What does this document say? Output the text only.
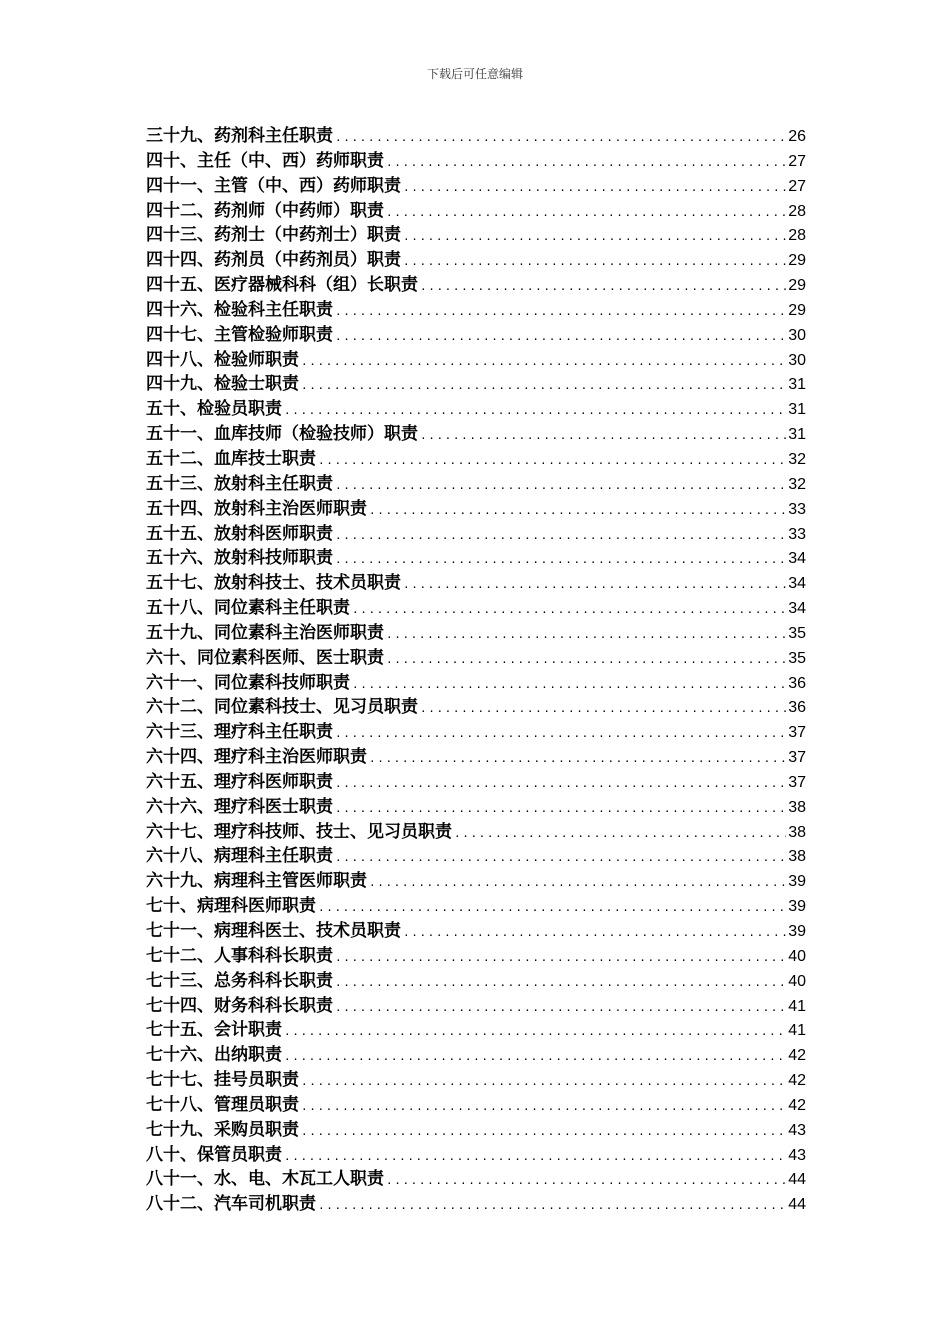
下载后可任意编辑
三十九、药剂科主任职责 .....	26
四十、主任（中、西）药师职责 .....	27
四十一、主管（中、西）药师职责 .....	27
四十二、药剂师（中药师）职责 .....	28
四十三、药剂士（中药剂士）职责 .....	28
四十四、药剂员（中药剂员）职责 .....	29
四十五、医疗器械科科（组）长职责 .....	29
四十六、检验科主任职责 .....	29
四十七、主管检验师职责 .....	30
四十八、检验师职责 .....	30
四十九、检验士职责 .....	31
五十、检验员职责 .....	31
五十一、血库技师（检验技师）职责 .....	31
五十二、血库技士职责 .....	32
五十三、放射科主任职责 .....	32
五十四、放射科主治医师职责 .....	33
五十五、放射科医师职责 .....	33
五十六、放射科技师职责 .....	34
五十七、放射科技士、技术员职责 .....	34
五十八、同位素科主任职责 .....	34
五十九、同位素科主治医师职责 .....	35
六十、同位素科医师、医士职责 .....	35
六十一、同位素科技师职责 .....	36
六十二、同位素科技士、见习员职责 .....	36
六十三、理疗科主任职责 .....	37
六十四、理疗科主治医师职责 .....	37
六十五、理疗科医师职责 .....	37
六十六、理疗科医士职责 .....	38
六十七、理疗科技师、技士、见习员职责 .....	38
六十八、病理科主任职责 .....	38
六十九、病理科主管医师职责 .....	39
七十、病理科医师职责 .....	39
七十一、病理科医士、技术员职责 .....	39
七十二、人事科科长职责 .....	40
七十三、总务科科长职责 .....	40
七十四、财务科科长职责 .....	41
七十五、会计职责 .....	41
七十六、出纳职责 .....	42
七十七、挂号员职责 .....	42
七十八、管理员职责 .....	42
七十九、采购员职责 .....	43
八十、保管员职责 .....	43
八十一、水、电、木瓦工人职责 .....	44
八十二、汽车司机职责 .....	44
